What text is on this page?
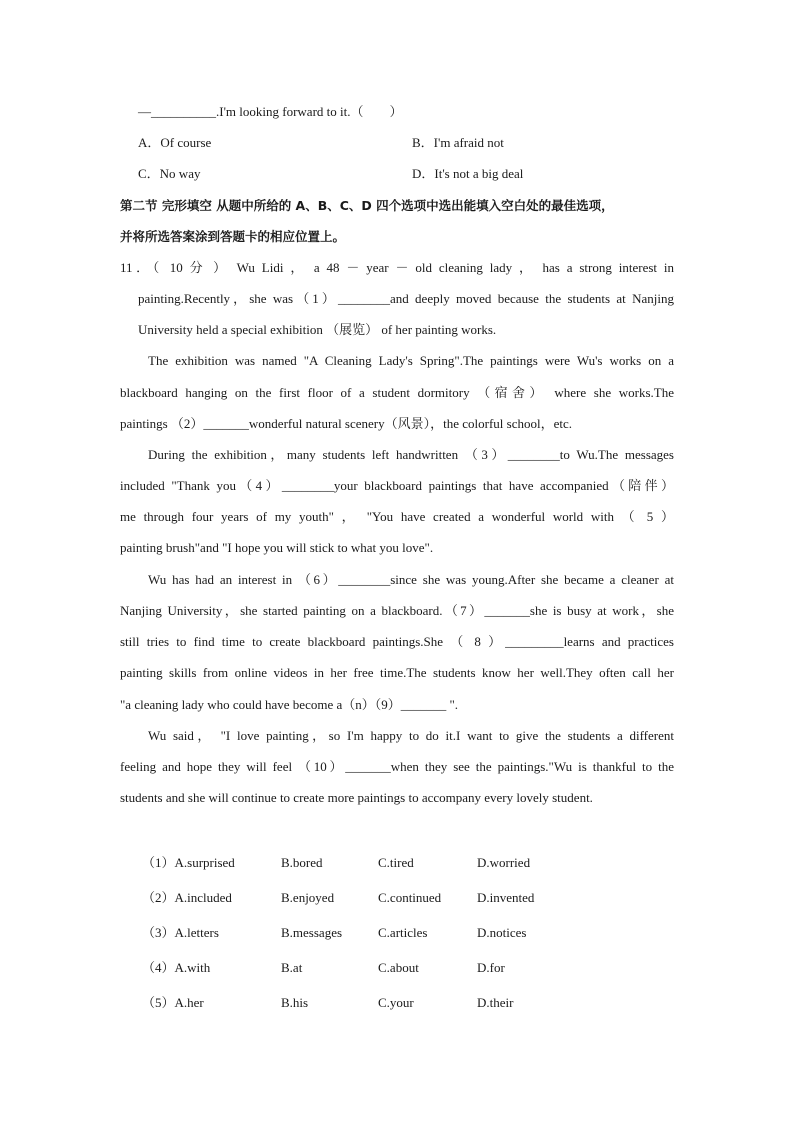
—__________.I'm looking forward to it.（　　）
A．Of course	B．I'm afraid not
C．No way	D．It's not a big deal
第二节 完形填空 从题中所给的 A、B、C、D 四个选项中选出能填入空白处的最佳选项，
并将所选答案涂到答题卡的相应位置上。
11．（ 10 分 ） Wu Lidi ， a 48 － year － old cleaning lady ， has a strong interest in
painting.Recently，she was（1）________and deeply moved because the students at Nanjing
University held a special exhibition （展览） of her painting works.
The exhibition was named "A Cleaning Lady's Spring".The paintings were Wu's works on a
blackboard hanging on the first floor of a student dormitory （宿舍） where she works.The
paintings （2）_______wonderful natural scenery（风景），the colorful school，etc.
During the exhibition，many students left handwritten （3）________to Wu.The messages
included "Thank you（4）________your blackboard paintings that have accompanied（陪伴）
me through four years of my youth" ， "You have created a wonderful world with （ 5 ）
painting brush"and "I hope you will stick to what you love".
Wu has had an interest in （6）________since she was young.After she became a cleaner at
Nanjing University，she started painting on a blackboard.（7）_______she is busy at work，she
still tries to find time to create blackboard paintings.She （ 8 ）_________learns and practices
painting skills from online videos in her free time.The students know her well.They often call her
"a cleaning lady who could have become a（n）（9）_______ ".
Wu said， "I love painting，so I'm happy to do it.I want to give the students a different
feeling and hope they will feel （10）_______when they see the paintings."Wu is thankful to the
students and she will continue to create more paintings to accompany every lovely student.
（1）A.surprised	B.bored	C.tired	D.worried
（2）A.included	B.enjoyed	C.continued	D.invented
（3）A.letters	B.messages	C.articles	D.notices
（4）A.with	B.at	C.about	D.for
（5）A.her	B.his	C.your	D.their
